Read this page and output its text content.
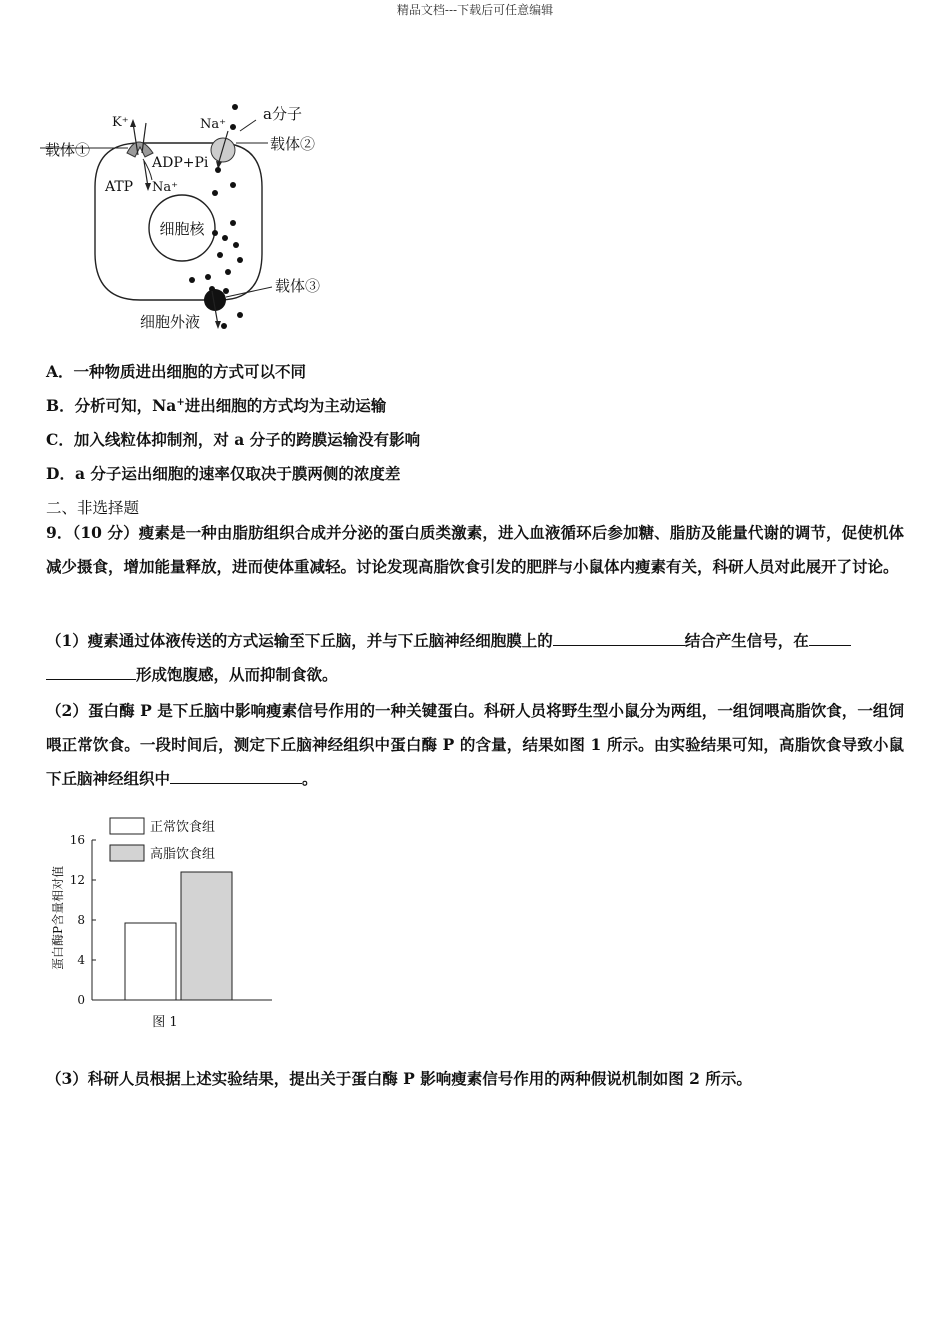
精品文档---下载后可任意编辑
细胞核
载体①
K⁺
ADP+Pi
ATP Na⁺
载体②
Na⁺
a分子
载体③
细胞外液
A．一种物质进出细胞的方式可以不同
B．分析可知，Na+进出细胞的方式均为主动运输
C．加入线粒体抑制剂，对 a 分子的跨膜运输没有影响
D．a 分子运出细胞的速率仅取决于膜两侧的浓度差
二、非选择题
9．（10 分）瘦素是一种由脂肪组织合成并分泌的蛋白质类激素，进入血液循环后参加糖、脂肪及能量代谢的调节，促使机体减少摄食，增加能量释放，进而使体重减轻。讨论发现高脂饮食引发的肥胖与小鼠体内瘦素有关，科研人员对此展开了讨论。
（1）瘦素通过体液传送的方式运输至下丘脑，并与下丘脑神经细胞膜上的	结合产生信号，在
形成饱腹感，从而抑制食欲。
（2）蛋白酶 P 是下丘脑中影响瘦素信号作用的一种关键蛋白。科研人员将野生型小鼠分为两组，一组饲喂高脂饮食，一组饲喂正常饮食。一段时间后，测定下丘脑神经组织中蛋白酶 P 的含量，结果如图 1 所示。由实验结果可知，高脂饮食导致小鼠下丘脑神经组织中	。
正常饮食组
高脂饮食组
蛋白酶P含量相对值
0
4
8
12
16
图 1
（3）科研人员根据上述实验结果，提出关于蛋白酶 P 影响瘦素信号作用的两种假说机制如图 2 所示。
